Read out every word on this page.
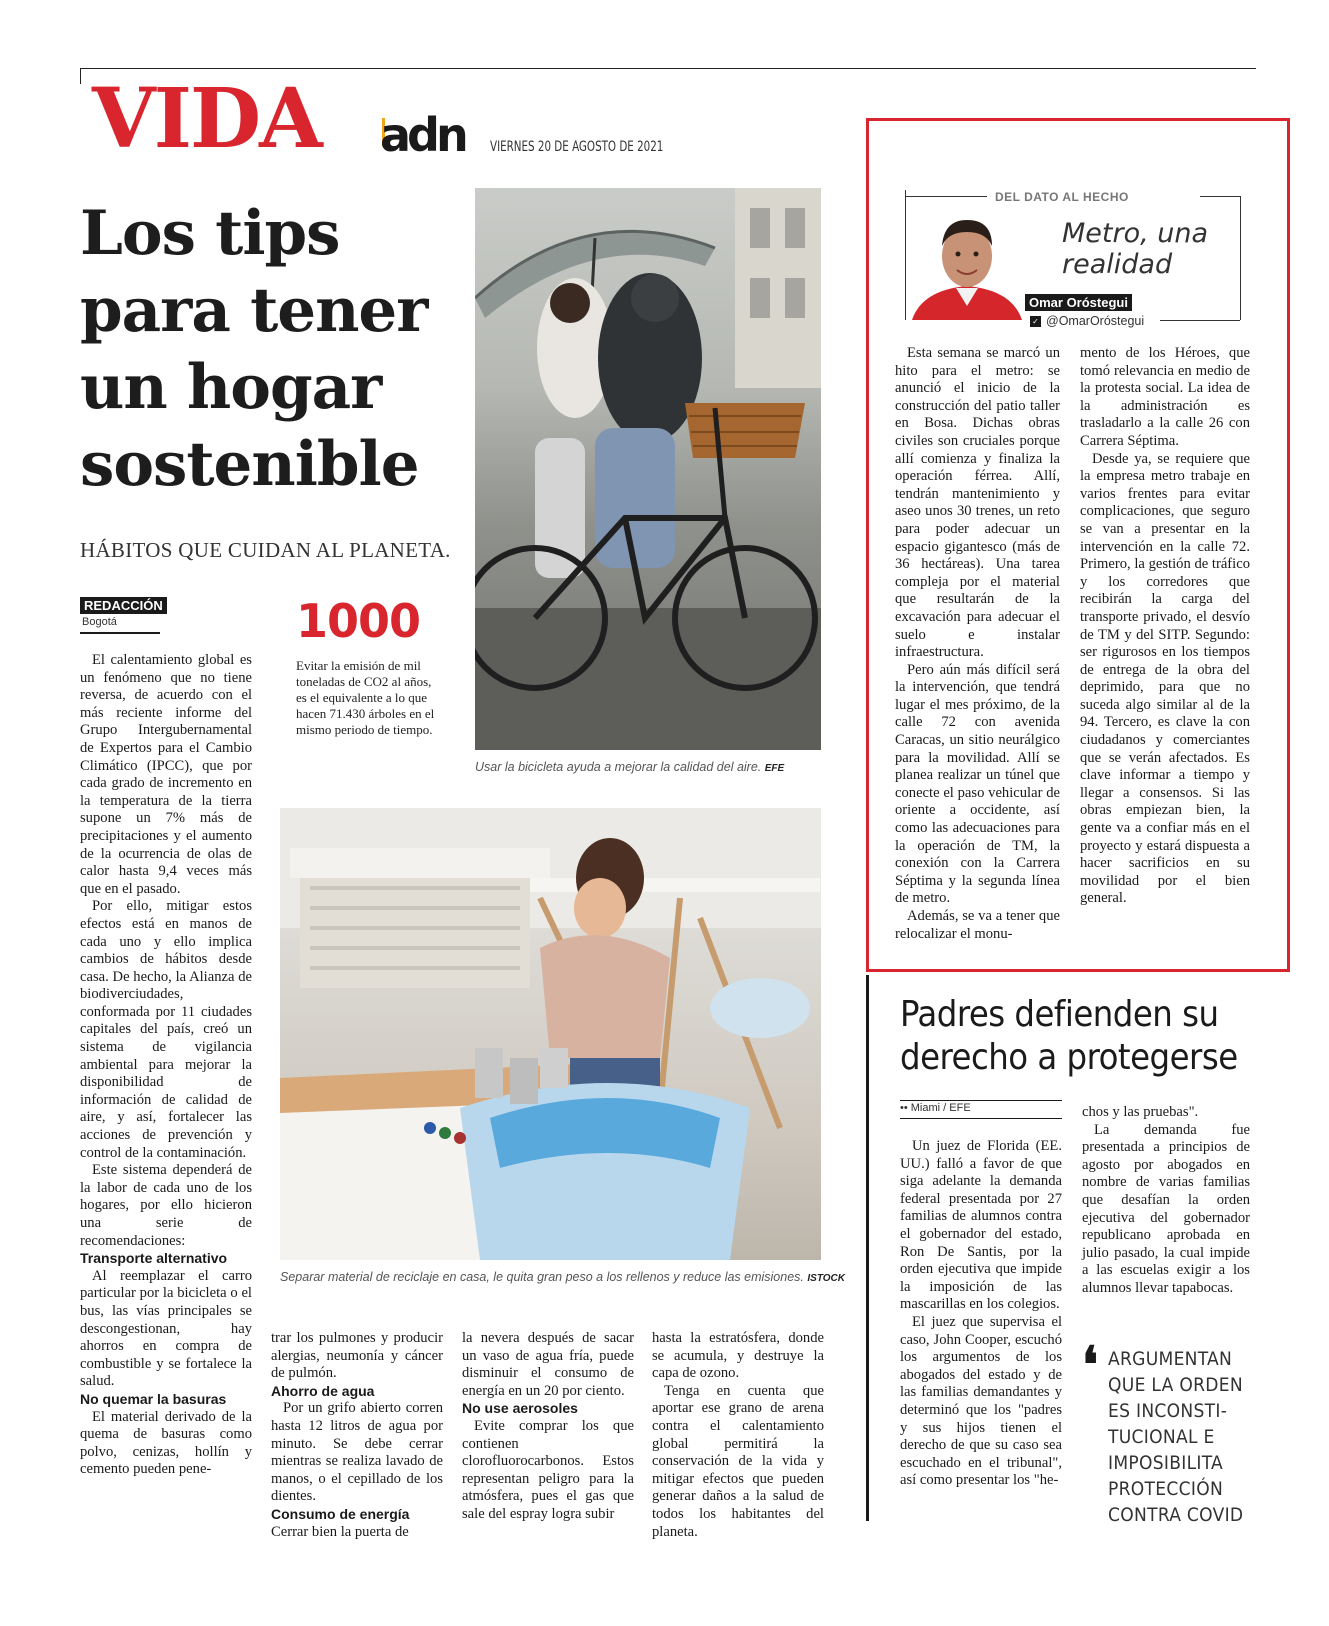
VIDA adn VIERNES 20 DE AGOSTO DE 2021
Los tips para tener un hogar sostenible
HÁBITOS QUE CUIDAN AL PLANETA.
REDACCIÓN
Bogotá	1000
Evitar la emisión de mil toneladas de CO2 al años, es el equivalente a lo que hacen 71.430 árboles en el mismo periodo de tiempo.

El calentamiento global es un fenómeno que no tiene reversa, de acuerdo con el más reciente informe del Grupo Intergubernamental de Expertos para el Cambio Climático (IPCC), que por cada grado de incremento en la temperatura de la tierra supone un 7% más de precipitaciones y el aumento de la ocurrencia de olas de calor hasta 9,4 veces más que en el pasado.

Por ello, mitigar estos efectos está en manos de cada uno y ello implica cambios de hábitos desde casa. De hecho, la Alianza de biodiverciudades, conformada por 11 ciudades capitales del país, creó un sistema de vigilancia ambiental para mejorar la disponibilidad de información de calidad de aire, y así, fortalecer las acciones de prevención y control de la contaminación.

Este sistema dependerá de la labor de cada uno de los hogares, por ello hicieron una serie de recomendaciones:

Transporte alternativo

Al reemplazar el carro particular por la bicicleta o el bus, las vías principales se descongestionan, hay ahorros en compra de combustible y se fortalece la salud.

No quemar la basuras

El material derivado de la quema de basuras como polvo, cenizas, hollín y cemento pueden pene-

Usar la bicicleta ayuda a mejorar la calidad del aire. EFE
Separar material de reciclaje en casa, le quita gran peso a los rellenos y reduce las emisiones. ISTOCK

trar los pulmones y producir alergias, neumonía y cáncer de pulmón.

Ahorro de agua

Por un grifo abierto corren hasta 12 litros de agua por minuto. Se debe cerrar mientras se realiza lavado de manos, o el cepillado de los dientes.

Consumo de energía

Cerrar bien la puerta de

la nevera después de sacar un vaso de agua fría, puede disminuir el consumo de energía en un 20 por ciento.

No use aerosoles

Evite comprar los que contienen clorofluorocarbonos. Estos representan peligro para la atmósfera, pues el gas que sale del espray logra subir

hasta la estratósfera, donde se acumula, y destruye la capa de ozono.

Tenga en cuenta que aportar ese grano de arena contra el calentamiento global permitirá la conservación de la vida y mitigar efectos que pueden generar daños a la salud de todos los habitantes del planeta.

DEL DATO AL HECHO
Metro, una realidad
Omar Oróstegui
✓ @OmarOróstegui

Esta semana se marcó un hito para el metro: se anunció el inicio de la construcción del patio taller en Bosa. Dichas obras civiles son cruciales porque allí comienza y finaliza la operación férrea. Allí, tendrán mantenimiento y aseo unos 30 trenes, un reto para poder adecuar un espacio gigantesco (más de 36 hectáreas). Una tarea compleja por el material que resultarán de la excavación para adecuar el suelo e instalar infraestructura.

Pero aún más difícil será la intervención, que tendrá lugar el mes próximo, de la calle 72 con avenida Caracas, un sitio neurálgico para la movilidad. Allí se planea realizar un túnel que conecte el paso vehicular de oriente a occidente, así como las adecuaciones para la operación de TM, la conexión con la Carrera Séptima y la segunda línea de metro.

Además, se va a tener que relocalizar el monu-

mento de los Héroes, que tomó relevancia en medio de la protesta social. La idea de la administración es trasladarlo a la calle 26 con Carrera Séptima.

Desde ya, se requiere que la empresa metro trabaje en varios frentes para evitar complicaciones, que seguro se van a presentar en la intervención en la calle 72. Primero, la gestión de tráfico y los corredores que recibirán la carga del transporte privado, el desvío de TM y del SITP. Segundo: ser rigurosos en los tiempos de entrega de la obra del deprimido, para que no suceda algo similar al de la 94. Tercero, es clave la con ciudadanos y comerciantes que se verán afectados. Es clave informar a tiempo y llegar a consensos. Si las obras empiezan bien, la gente va a confiar más en el proyecto y estará dispuesta a hacer sacrificios en su movilidad por el bien general.

Padres defienden su derecho a protegerse
•• Miami / EFE

Un juez de Florida (EE. UU.) falló a favor de que siga adelante la demanda federal presentada por 27 familias de alumnos contra el gobernador del estado, Ron De Santis, por la orden ejecutiva que impide la imposición de las mascarillas en los colegios.

El juez que supervisa el caso, John Cooper, escuchó los argumentos de los abogados del estado y de las familias demandantes y determinó que los "padres y sus hijos tienen el derecho de que su caso sea escuchado en el tribunal", así como presentar los "he-

chos y las pruebas".

La demanda fue presentada a principios de agosto por abogados en nombre de varias familias que desafían la orden ejecutiva del gobernador republicano aprobada en julio pasado, la cual impide a las escuelas exigir a los alumnos llevar tapabocas.

❛ ARGUMENTAN QUE LA ORDEN ES INCONSTI-TUCIONAL E IMPOSIBILITA PROTECCIÓN CONTRA COVID
